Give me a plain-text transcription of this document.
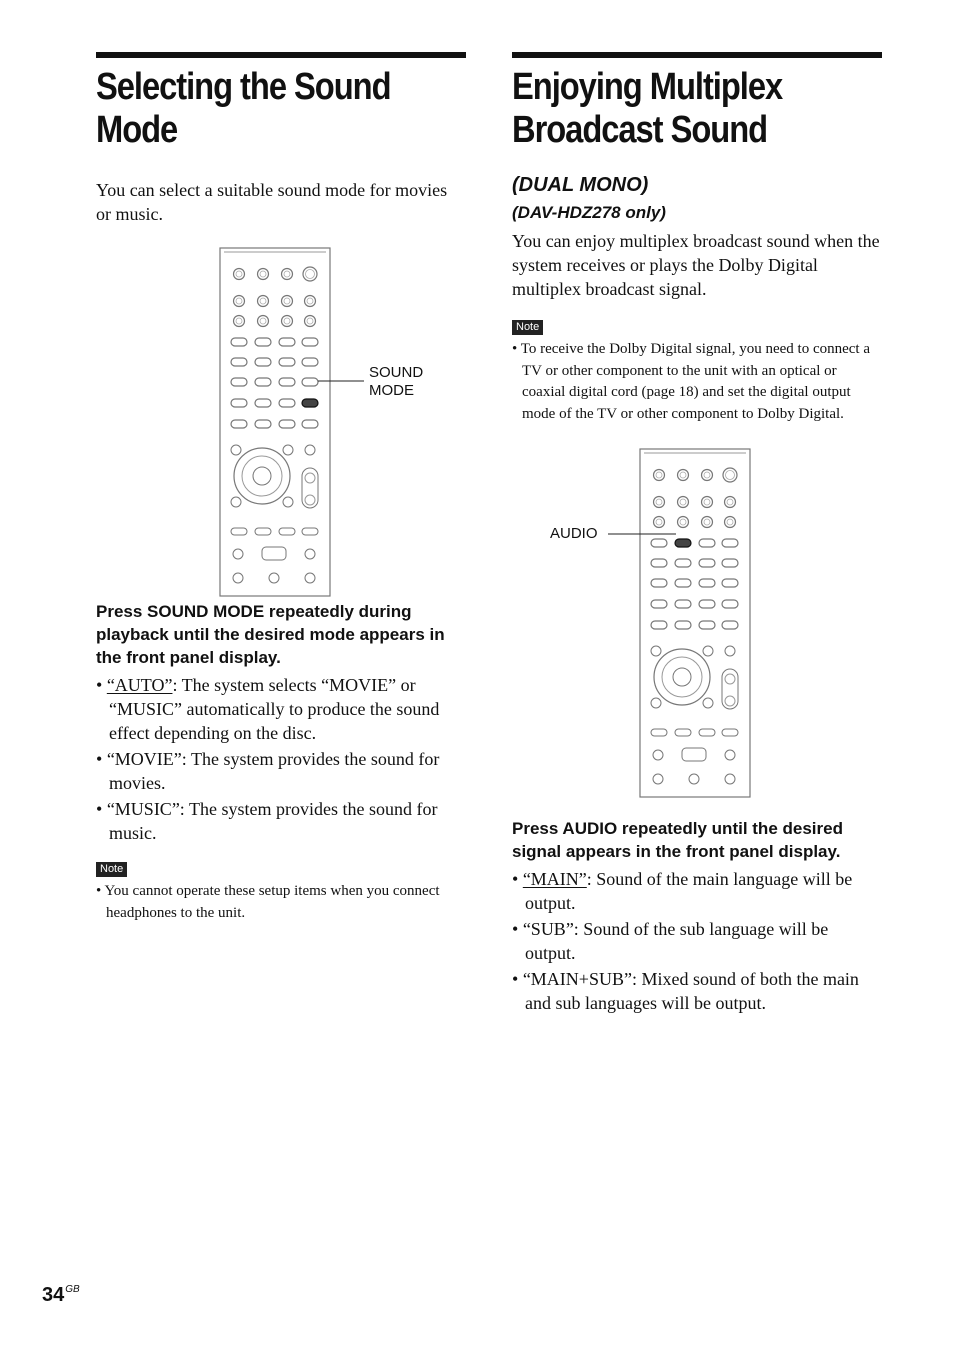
Selecting the Sound
Mode

You can select a suitable sound mode for movies or music.

SOUND
MODE

Press SOUND MODE repeatedly during playback until the desired mode appears in the front panel display.

• “AUTO”: The system selects “MOVIE” or “MUSIC” automatically to produce the sound effect depending on the disc.
• “MOVIE”: The system provides the sound for movies.
• “MUSIC”: The system provides the sound for music.
Note

• You cannot operate these setup items when you connect headphones to the unit.

Enjoying Multiplex
Broadcast Sound

(DUAL MONO)

(DAV-HDZ278 only)

You can enjoy multiplex broadcast sound when the system receives or plays the Dolby Digital multiplex broadcast signal.

Note

• To receive the Dolby Digital signal, you need to connect a TV or other component to the unit with an optical or coaxial digital cord (page 18) and set the digital output mode of the TV or other component to Dolby Digital.

AUDIO

Press AUDIO repeatedly until the desired signal appears in the front panel display.

• “MAIN”: Sound of the main language will be output.
• “SUB”: Sound of the sub language will be output.
• “MAIN+SUB”: Mixed sound of both the main and sub languages will be output.
$34^{GB}$
